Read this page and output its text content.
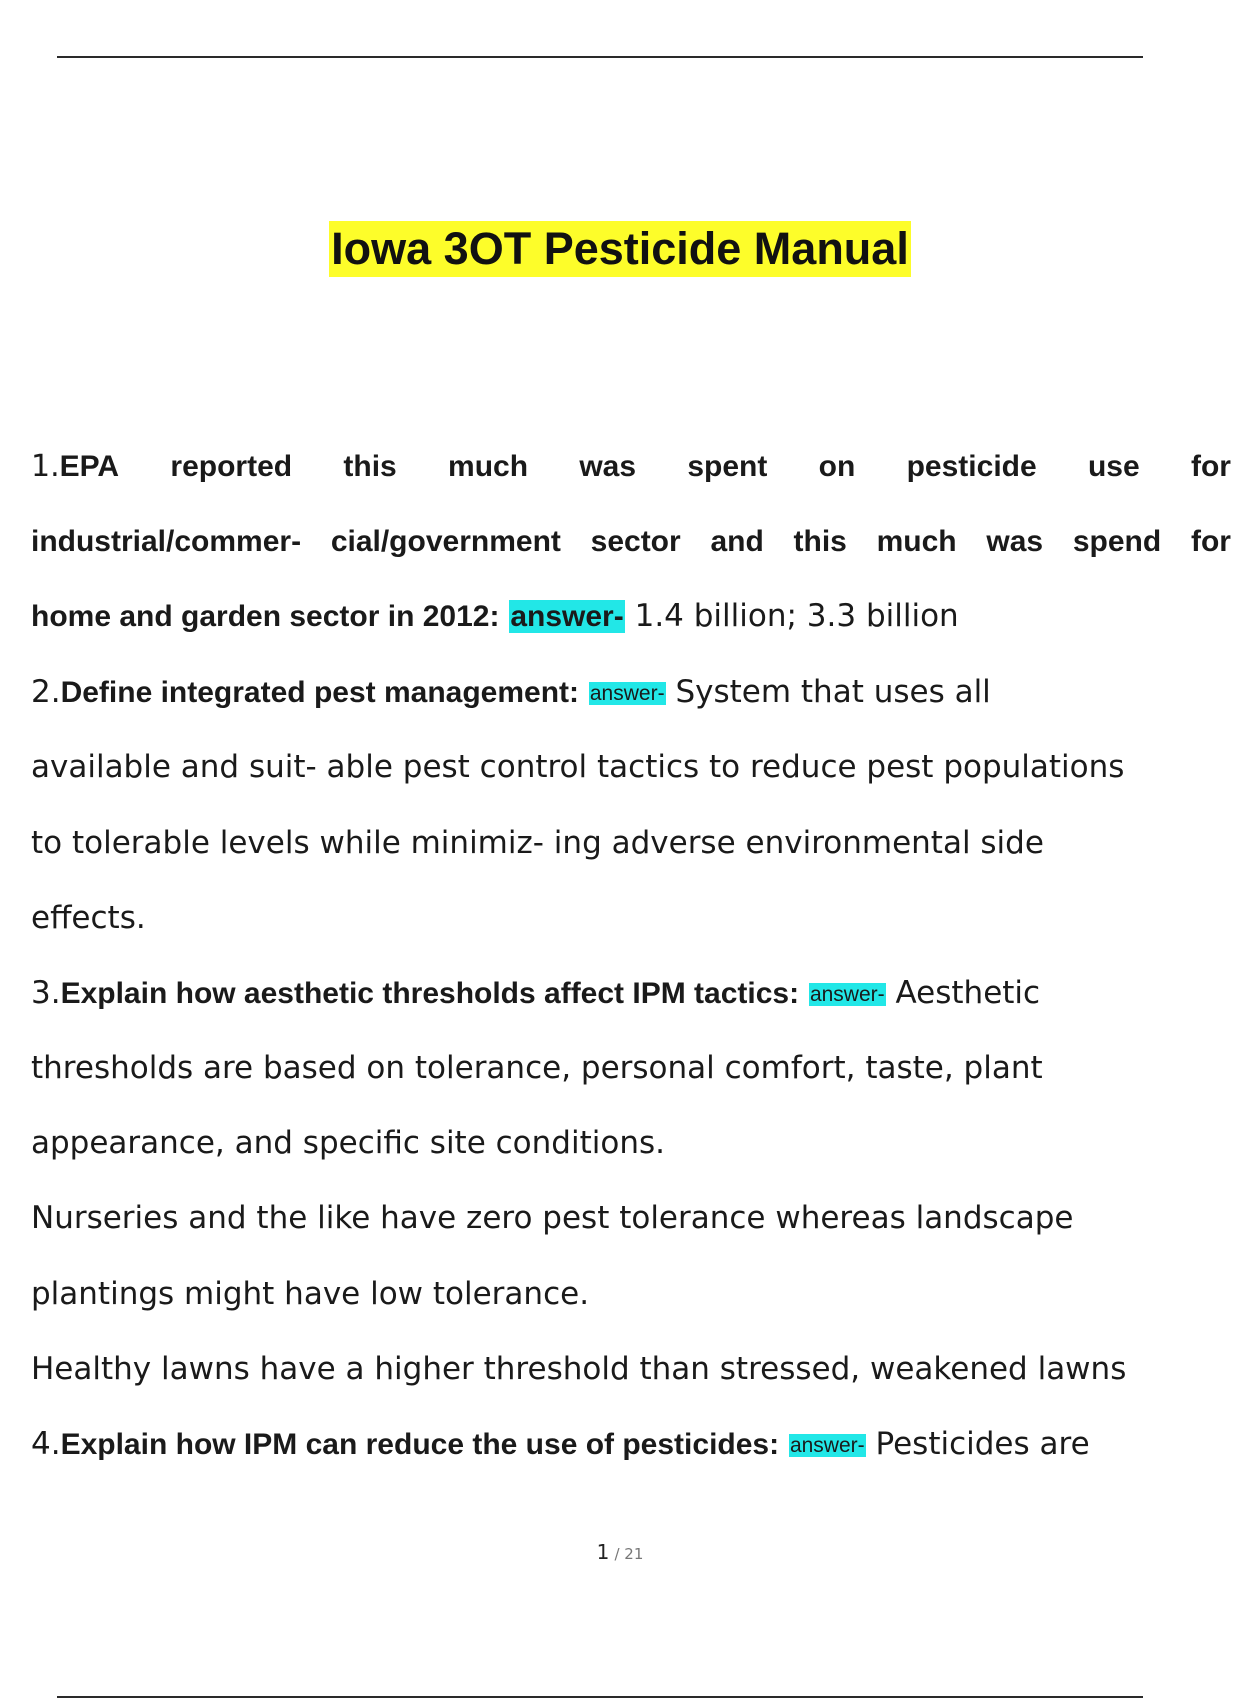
Iowa 3OT Pesticide Manual
1.EPA reported this much was spent on pesticide use for
industrial/commer- cial/government sector and this much was spend for
home and garden sector in 2012: answer- 1.4 billion; 3.3 billion
2.Define integrated pest management: answer- System that uses all
available and suit- able pest control tactics to reduce pest populations
to tolerable levels while minimiz- ing adverse environmental side
effects.
3.Explain how aesthetic thresholds affect IPM tactics: answer- Aesthetic
thresholds are based on tolerance, personal comfort, taste, plant
appearance, and specific site conditions.
Nurseries and the like have zero pest tolerance whereas landscape
plantings might have low tolerance.
Healthy lawns have a higher threshold than stressed, weakened lawns
4.Explain how IPM can reduce the use of pesticides: answer- Pesticides are
1 / 21
